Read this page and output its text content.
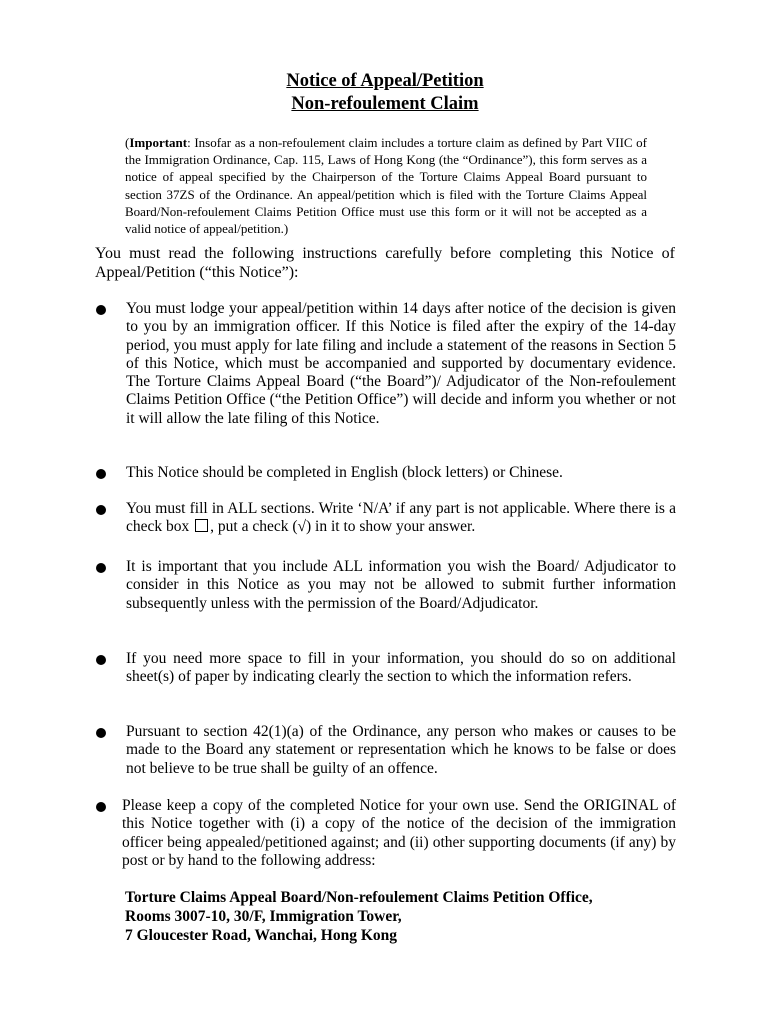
Notice of Appeal/Petition
Non-refoulement Claim
(Important: Insofar as a non-refoulement claim includes a torture claim as defined by Part VIIC of the Immigration Ordinance, Cap. 115, Laws of Hong Kong (the “Ordinance”), this form serves as a notice of appeal specified by the Chairperson of the Torture Claims Appeal Board pursuant to section 37ZS of the Ordinance. An appeal/petition which is filed with the Torture Claims Appeal Board/Non-refoulement Claims Petition Office must use this form or it will not be accepted as a valid notice of appeal/petition.)
You must read the following instructions carefully before completing this Notice of Appeal/Petition (“this Notice”):
You must lodge your appeal/petition within 14 days after notice of the decision is given to you by an immigration officer. If this Notice is filed after the expiry of the 14-day period, you must apply for late filing and include a statement of the reasons in Section 5 of this Notice, which must be accompanied and supported by documentary evidence. The Torture Claims Appeal Board (“the Board”)/ Adjudicator of the Non-refoulement Claims Petition Office (“the Petition Office”) will decide and inform you whether or not it will allow the late filing of this Notice.
This Notice should be completed in English (block letters) or Chinese.
You must fill in ALL sections. Write ‘N/A’ if any part is not applicable. Where there is a check box , put a check (√) in it to show your answer.
It is important that you include ALL information you wish the Board/ Adjudicator to consider in this Notice as you may not be allowed to submit further information subsequently unless with the permission of the Board/Adjudicator.
If you need more space to fill in your information, you should do so on additional sheet(s) of paper by indicating clearly the section to which the information refers.
Pursuant to section 42(1)(a) of the Ordinance, any person who makes or causes to be made to the Board any statement or representation which he knows to be false or does not believe to be true shall be guilty of an offence.
Please keep a copy of the completed Notice for your own use. Send the ORIGINAL of this Notice together with (i) a copy of the notice of the decision of the immigration officer being appealed/petitioned against; and (ii) other supporting documents (if any) by post or by hand to the following address:
Torture Claims Appeal Board/Non-refoulement Claims Petition Office,
Rooms 3007-10, 30/F, Immigration Tower,
7 Gloucester Road, Wanchai, Hong Kong
